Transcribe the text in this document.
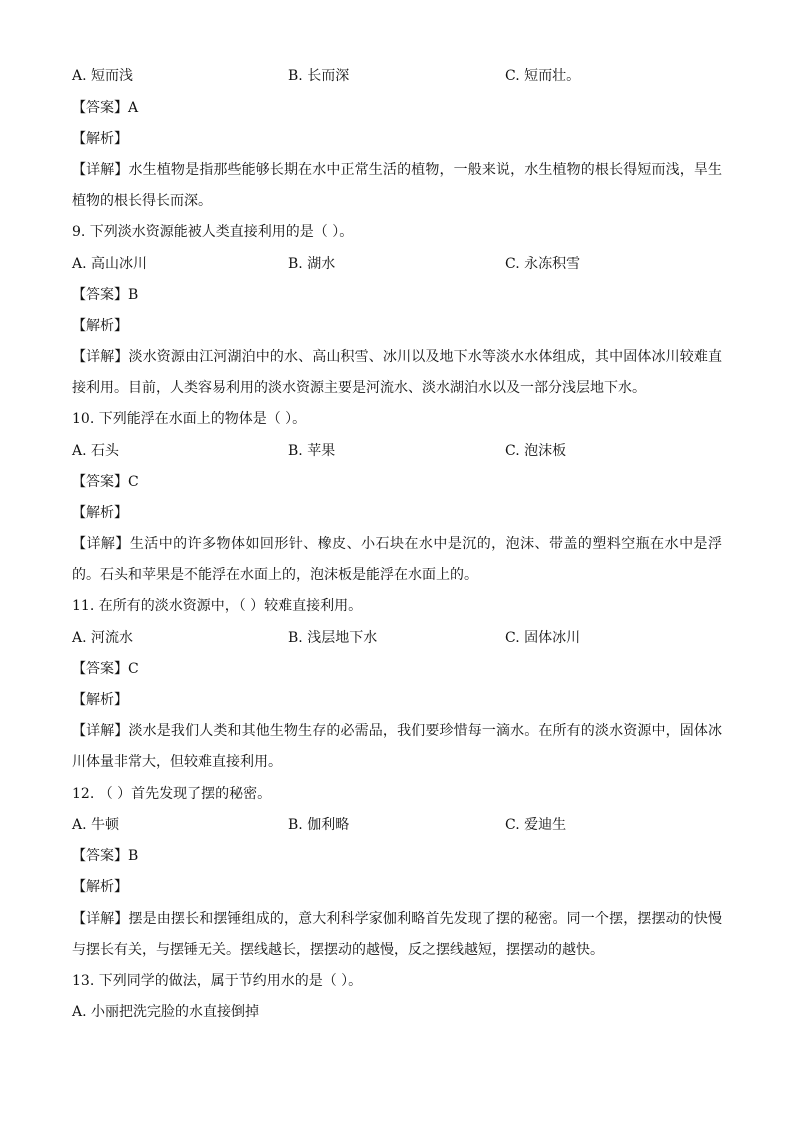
A. 短而浅	B. 长而深	C. 短而壮。
【答案】A
【解析】
【详解】水生植物是指那些能够长期在水中正常生活的植物，一般来说，水生植物的根长得短而浅，旱生
植物的根长得长而深。
9. 下列淡水资源能被人类直接利用的是（ ）。
A. 高山冰川	B. 湖水	C. 永冻积雪
【答案】B
【解析】
【详解】淡水资源由江河湖泊中的水、高山积雪、冰川以及地下水等淡水水体组成，其中固体冰川较难直
接利用。目前，人类容易利用的淡水资源主要是河流水、淡水湖泊水以及一部分浅层地下水。
10. 下列能浮在水面上的物体是（ ）。
A. 石头	B. 苹果	C. 泡沫板
【答案】C
【解析】
【详解】生活中的许多物体如回形针、橡皮、小石块在水中是沉的，泡沫、带盖的塑料空瓶在水中是浮
的。石头和苹果是不能浮在水面上的，泡沫板是能浮在水面上的。
11. 在所有的淡水资源中，（ ）较难直接利用。
A. 河流水	B. 浅层地下水	C. 固体冰川
【答案】C
【解析】
【详解】淡水是我们人类和其他生物生存的必需品，我们要珍惜每一滴水。在所有的淡水资源中，固体冰
川体量非常大，但较难直接利用。
12. （ ）首先发现了摆的秘密。
A. 牛顿	B. 伽利略	C. 爱迪生
【答案】B
【解析】
【详解】摆是由摆长和摆锤组成的，意大利科学家伽利略首先发现了摆的秘密。同一个摆，摆摆动的快慢
与摆长有关，与摆锤无关。摆线越长，摆摆动的越慢，反之摆线越短，摆摆动的越快。
13. 下列同学的做法，属于节约用水的是（ ）。
A. 小丽把洗完脸的水直接倒掉
